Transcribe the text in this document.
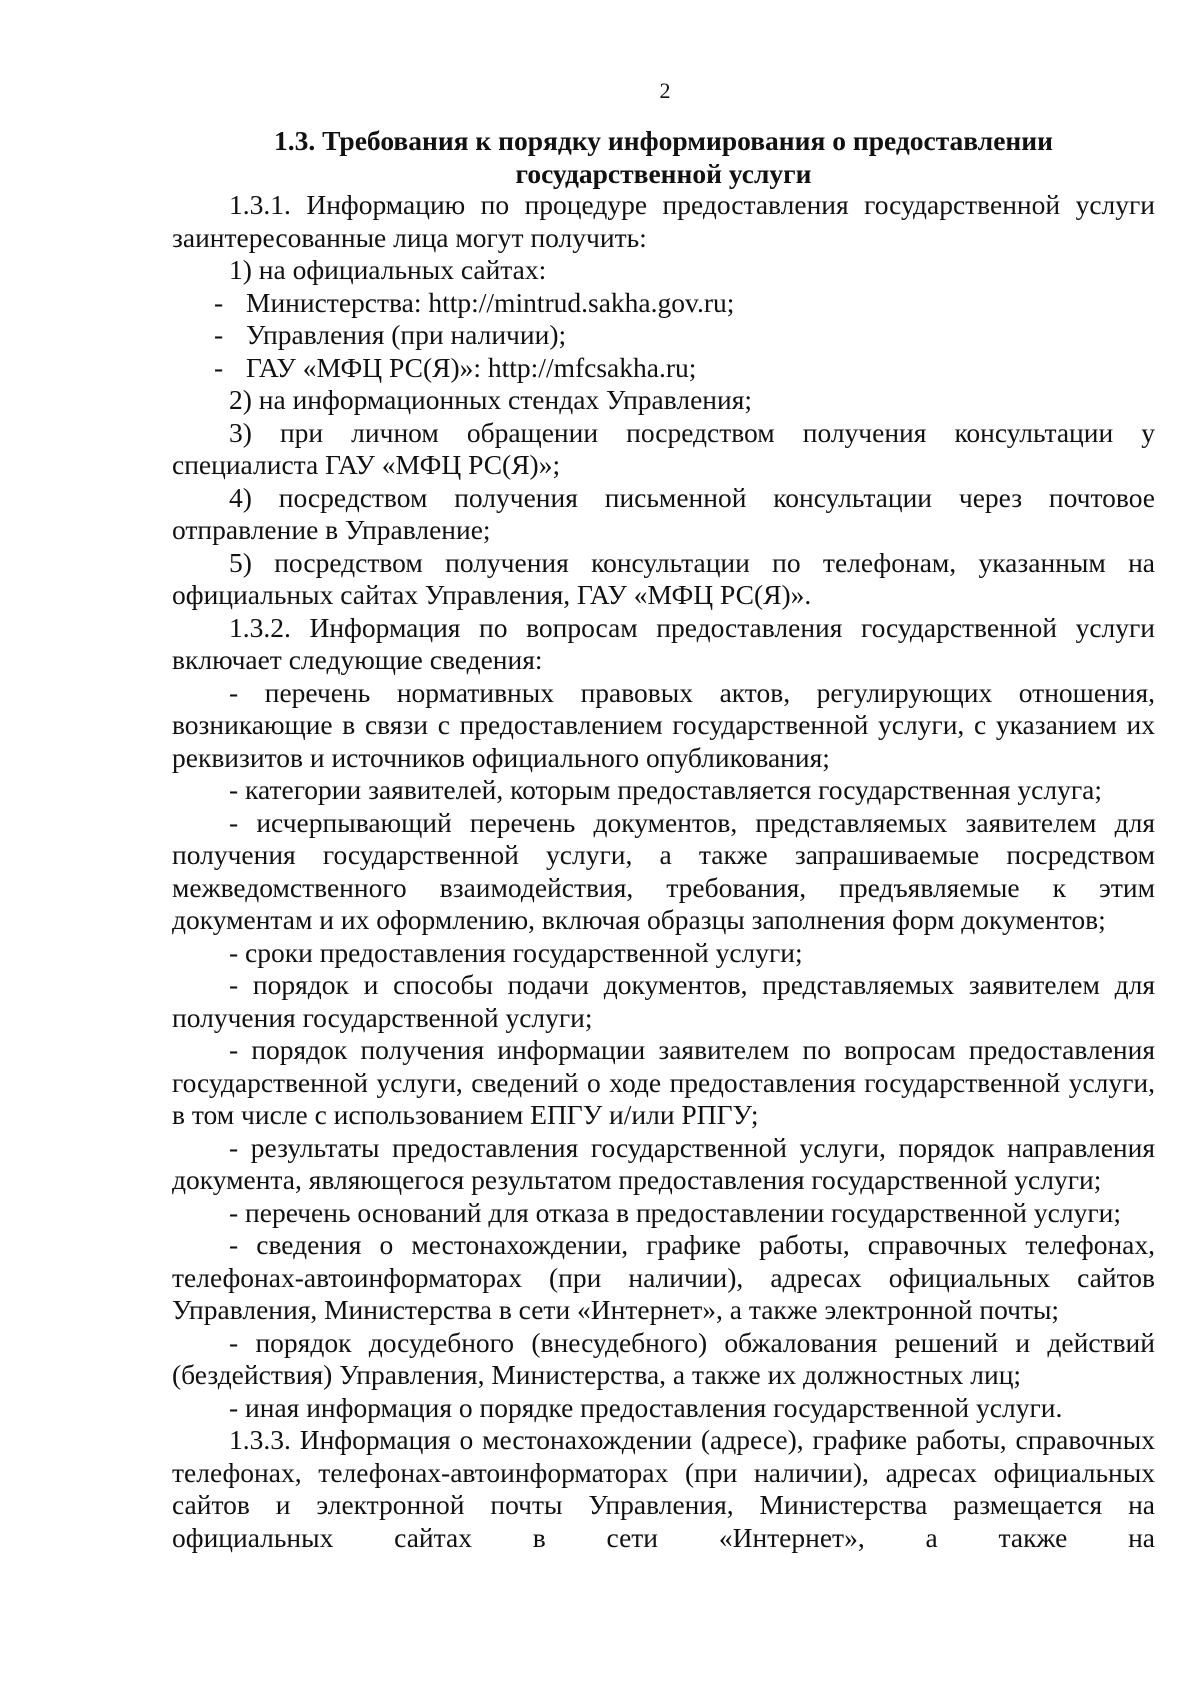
2
1.3. Требования к порядку информирования о предоставлении
государственной услуги

1.3.1. Информацию по процедуре предоставления государственной услуги заинтересованные лица могут получить:

1) на официальных сайтах:

- Министерства: http://mintrud.sakha.gov.ru;
- Управления (при наличии);
- ГАУ «МФЦ РС(Я)»: http://mfcsakha.ru;

2) на информационных стендах Управления;

3) при личном обращении посредством получения консультации у специалиста ГАУ «МФЦ РС(Я)»;

4) посредством получения письменной консультации через почтовое отправление в Управление;

5) посредством получения консультации по телефонам, указанным на официальных сайтах Управления, ГАУ «МФЦ РС(Я)».

1.3.2. Информация по вопросам предоставления государственной услуги включает следующие сведения:

- перечень нормативных правовых актов, регулирующих отношения, возникающие в связи с предоставлением государственной услуги, с указанием их реквизитов и источников официального опубликования;

- категории заявителей, которым предоставляется государственная услуга;

- исчерпывающий перечень документов, представляемых заявителем для получения государственной услуги, а также запрашиваемые посредством межведомственного взаимодействия, требования, предъявляемые к этим документам и их оформлению, включая образцы заполнения форм документов;

- сроки предоставления государственной услуги;

- порядок и способы подачи документов, представляемых заявителем для получения государственной услуги;

- порядок получения информации заявителем по вопросам предоставления государственной услуги, сведений о ходе предоставления государственной услуги, в том числе с использованием ЕПГУ и/или РПГУ;

- результаты предоставления государственной услуги, порядок направления документа, являющегося результатом предоставления государственной услуги;

- перечень оснований для отказа в предоставлении государственной услуги;

- сведения о местонахождении, графике работы, справочных телефонах, телефонах-автоинформаторах (при наличии), адресах официальных сайтов Управления, Министерства в сети «Интернет», а также электронной почты;

- порядок досудебного (внесудебного) обжалования решений и действий (бездействия) Управления, Министерства, а также их должностных лиц;

- иная информация о порядке предоставления государственной услуги.

1.3.3. Информация о местонахождении (адресе), графике работы, справочных телефонах, телефонах-автоинформаторах (при наличии), адресах официальных сайтов и электронной почты Управления, Министерства размещается на официальных сайтах в сети «Интернет», а также на
